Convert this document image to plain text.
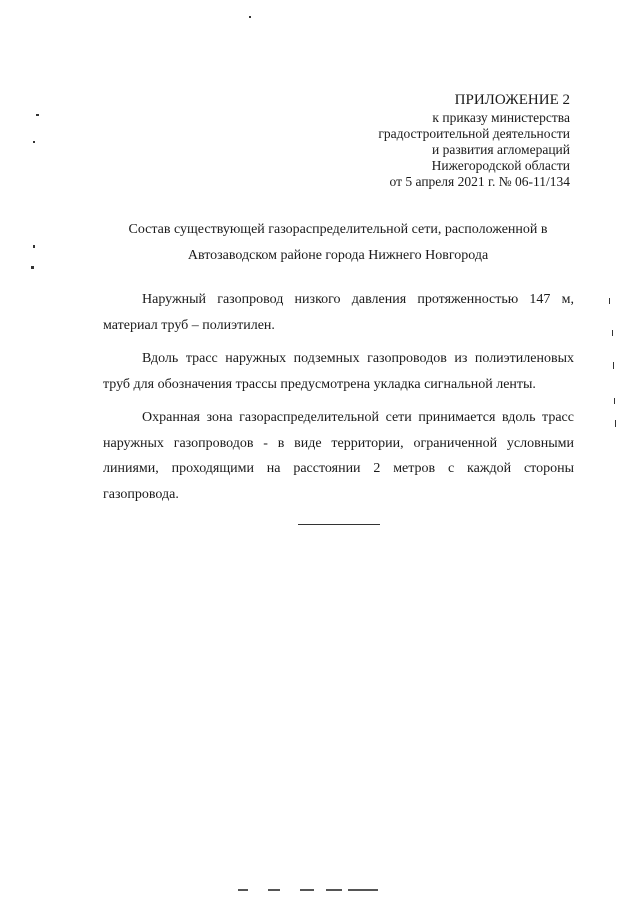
ПРИЛОЖЕНИЕ 2
к приказу министерства
градостроительной деятельности
и развития агломераций
Нижегородской области
от 5 апреля 2021 г. № 06-11/134
Состав существующей газораспределительной сети, расположенной в
Автозаводском районе города Нижнего Новгорода

Наружный газопровод низкого давления протяженностью 147 м, материал труб – полиэтилен.

Вдоль трасс наружных подземных газопроводов из полиэтиленовых труб для обозначения трассы предусмотрена укладка сигнальной ленты.

Охранная зона газораспределительной сети принимается вдоль трасс наружных газопроводов - в виде территории, ограниченной условными линиями, проходящими на расстоянии 2 метров с каждой стороны газопровода.
